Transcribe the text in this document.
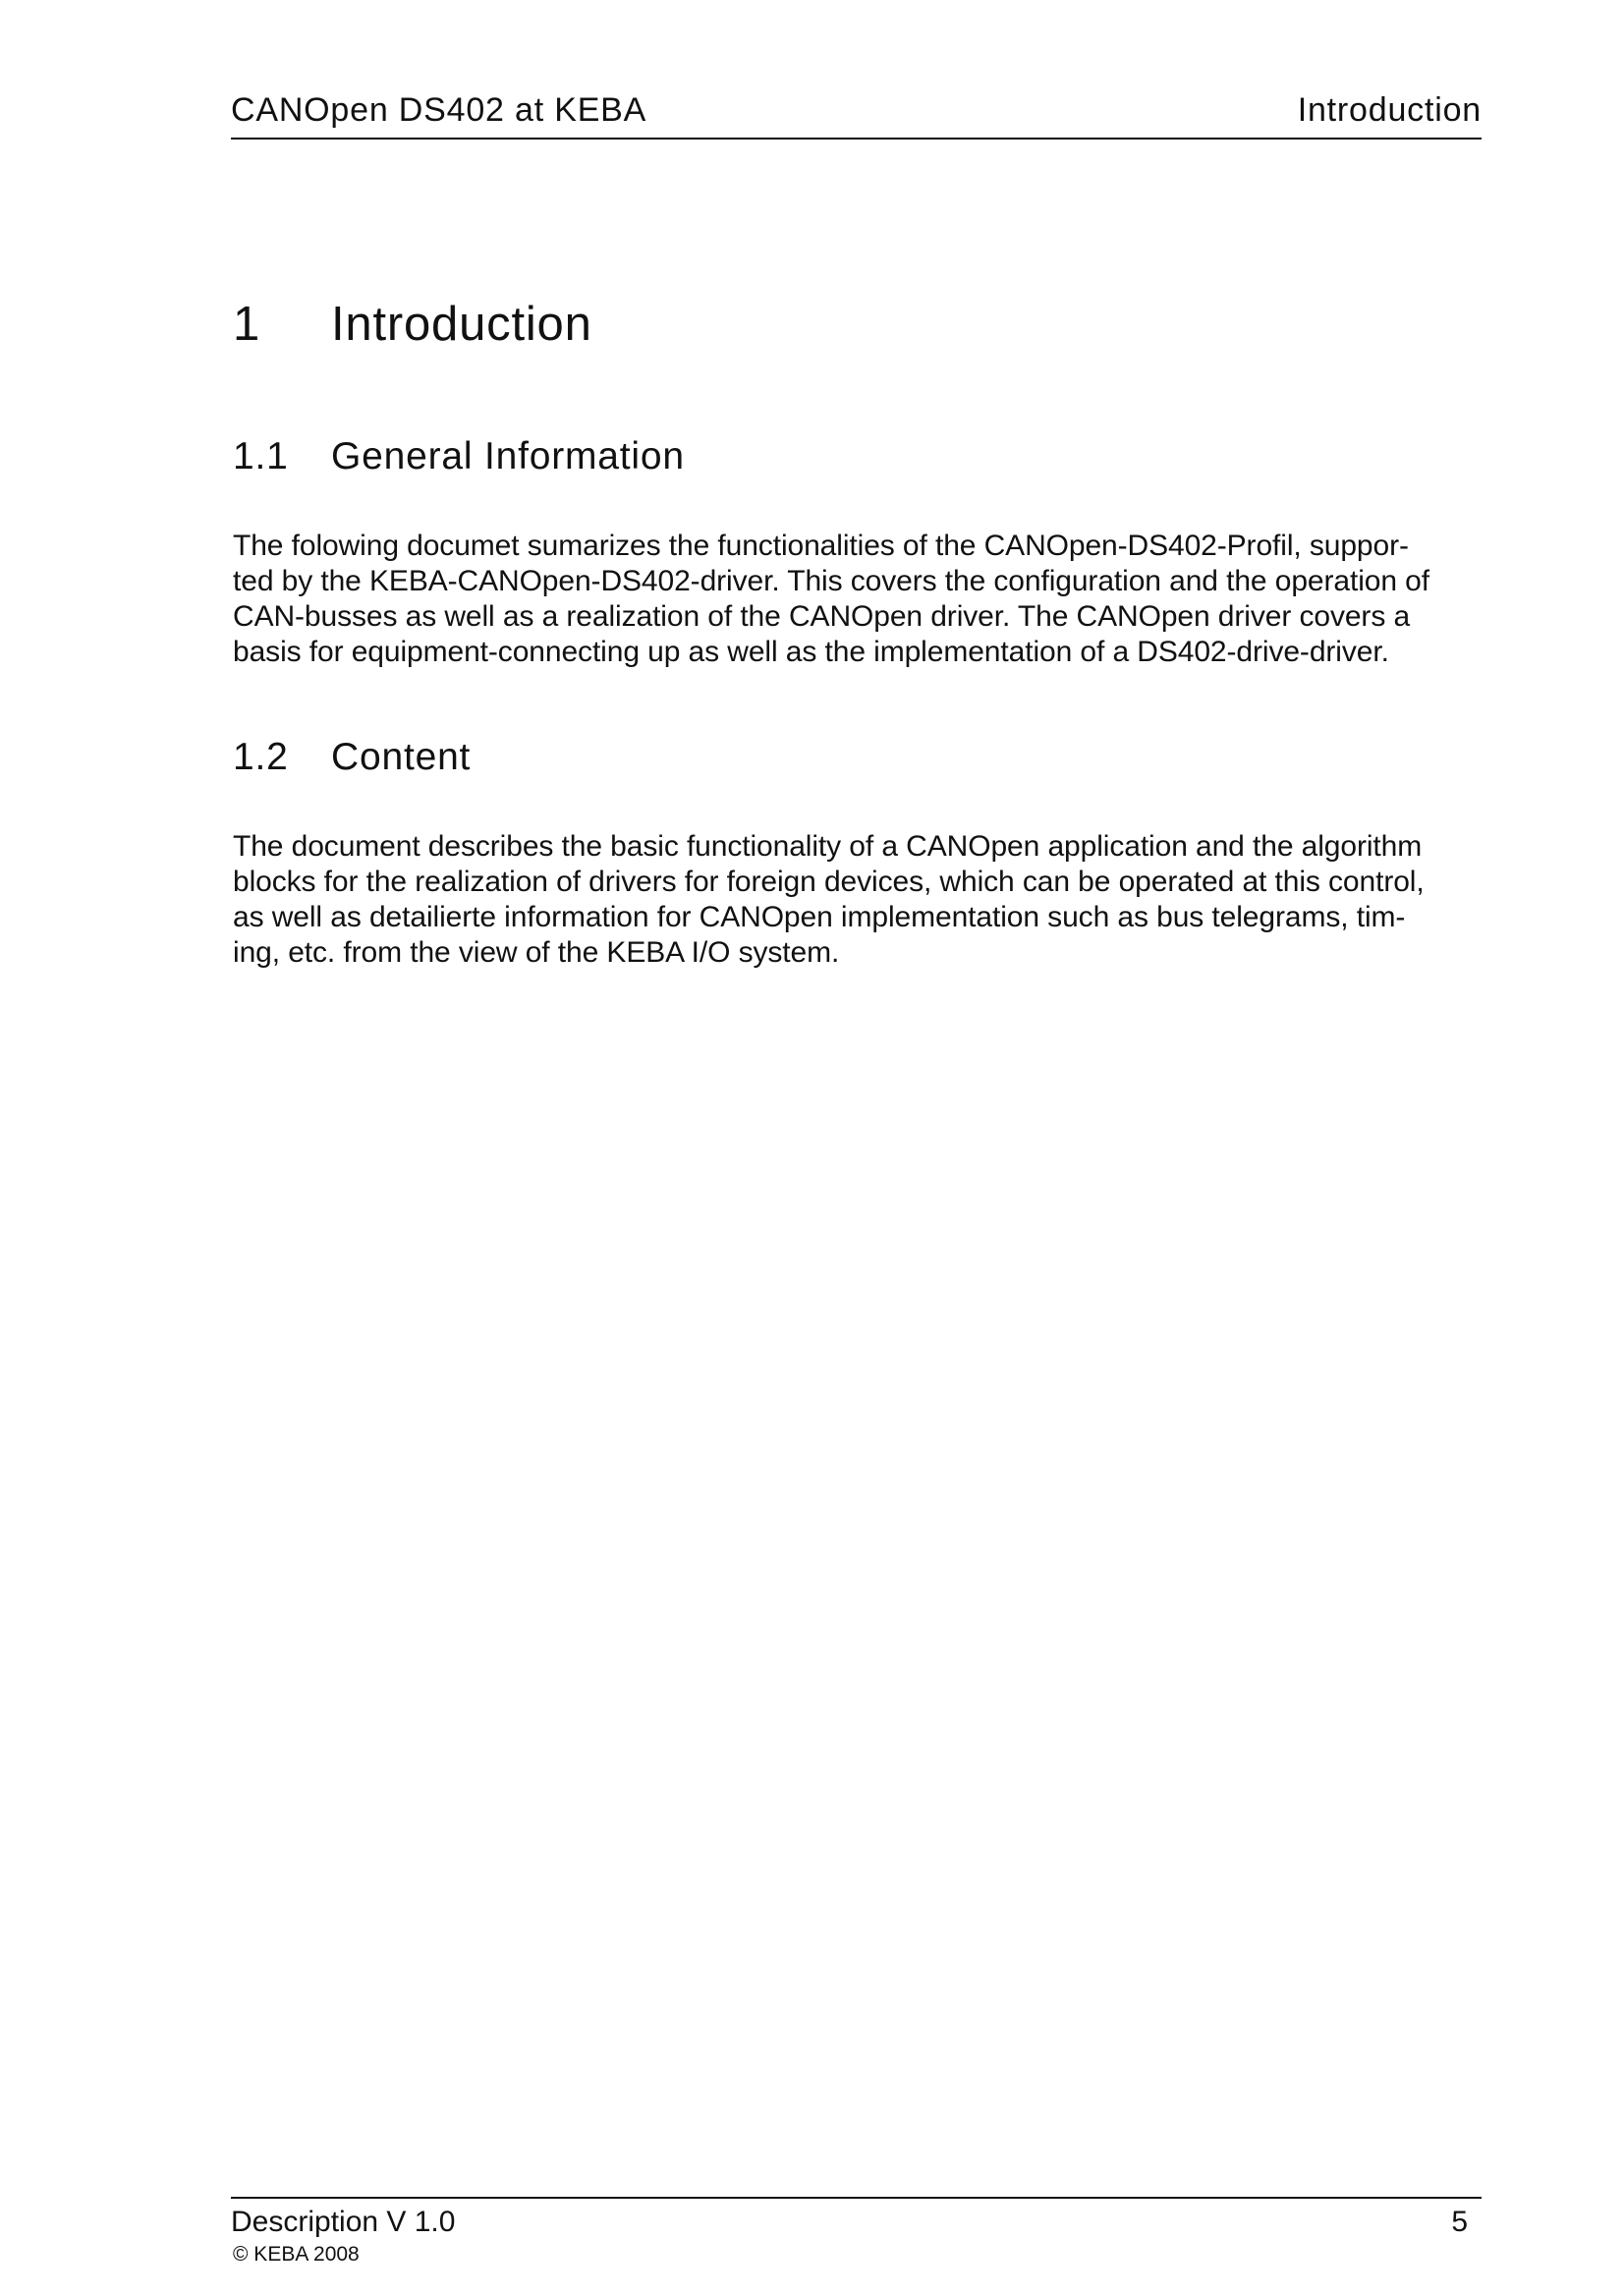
CANOpen DS402 at KEBA	Introduction
1	Introduction
1.1	General Information
The folowing documet sumarizes the functionalities of the CANOpen-DS402-Profil, suppor-
ted by the KEBA-CANOpen-DS402-driver. This covers the configuration and the operation of
CAN-busses as well as a realization of the CANOpen driver. The CANOpen driver covers a
basis for equipment-connecting up as well as the implementation of a DS402-drive-driver.
1.2	Content
The document describes the basic functionality of a CANOpen application and the algorithm
blocks for the realization of drivers for foreign devices, which can be operated at this control,
as well as detailierte information for CANOpen implementation such as bus telegrams, tim-
ing, etc. from the view of the KEBA I/O system.
Description V 1.0	5
© KEBA 2008
